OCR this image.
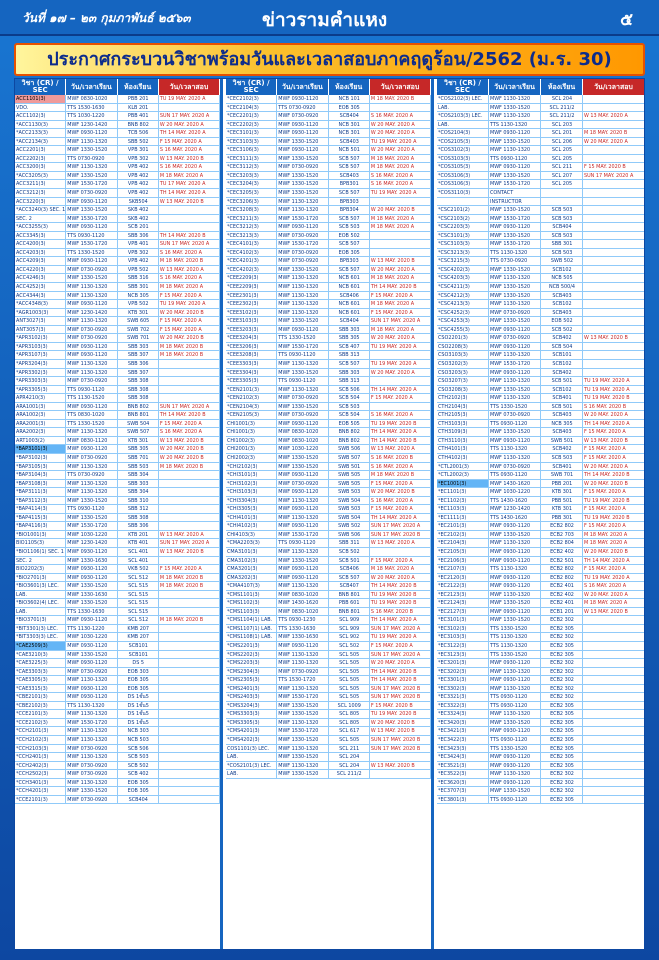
วันที่ ๑๗ – ๒๓ กุมภาพันธ์ ๒๕๖๓	ข่าวรามคำแหง	๕
ประกาศกระบวนวิชาพร้อมวันและเวลาสอบภาคฤดูร้อน/2562 (ม.ร. 30)
วิชา (CR) / SEC	วัน/เวลาเรียน	ห้องเรียน	วัน/เวลาสอบ
ACC1101(3)	MWF 0830-1020	PBB 201	TU 19 MAY. 2020 A
VDO.	TTS 1530-1630	KLB 201
ACC1102(3)	TTS 1030-1220	PBB 401	SUN 17 MAY. 2020 A
*ACC1130(3)	MWF 1230-1420	BNB 802	W 20 MAY. 2020 A
*ACC2133(3)	MWF 0930-1120	TCB 506	TH 14 MAY. 2020 A
*ACC2134(3)	MWF 1130-1320	SBB 502	F 15 MAY. 2020 A
ACC2201(3)	MWF 1330-1520	VPB 301	S 16 MAY. 2020 A
ACC2202(3)	TTS 0730-0920	VPB 302	W 13 MAY. 2020 B
ACC3200(3)	MWF 1130-1320	VPB 402	S 16 MAY. 2020 A
*ACC3205(3)	MWF 1330-1520	VPB 402	M 18 MAY. 2020 A
ACC3211(3)	MWF 1530-1720	VPB 402	TU 17 MAY. 2020 A
ACC3212(3)	MWF 0730-0920	VPB 402	TH 14 MAY. 2020 A
ACC3220(3)	MWF 0930-1120	SKB504	W 13 MAY. 2020 B
*ACC3240(3) SEC. 1 MWF 1330-1520	SKB 402
SEC. 2	MWF 1530-1720	SKB 402
*ACC3255(3)	MWF 0930-1120	SCB 201
ACC3345(3)	TTS 0930-1120	SBB 306	TH 14 MAY. 2020 B
ACC4200(3)	MWF 1530-1720	VPB 401	SUN 17 MAY. 2020 A
ACC4203(3)	TTS 1330-1520	VPB 302	S 16 MAY. 2020 A
ACC4209(3)	MWF 0930-1120	VPB 402	M 18 MAY. 2020 B
ACC4220(3)	MWF 0730-0920	VPB 502	W 13 MAY. 2020 A
ACC4246(3)	MWF 1330-1520	SBB 316	S 16 MAY. 2020 A
ACC4252(3)	MWF 1130-1320	SBB 301	M 18 MAY. 2020 A
ACC4344(3)	MWF 1130-1320	NCB 305	F 15 MAY. 2020 A
*ACC4348(3)	MWF 0930-1120	VPB 502	TU 19 MAY. 2020 A
*AGR1003(3)	MWF 1230-1420	KTB 301	W 20 MAY. 2020 B
ANT3027(3)	MWF 1130-1320	SWB 605	F 15 MAY. 2020 A
ANT3057(3)	MWF 0730-0920	SWB 702	F 15 MAY. 2020 A
*APR3102(3)	MWF 0730-0920	SWB 701	W 20 MAY. 2020 B
*APR3103(3)	MWF 0930-1120	SBB 303	M 18 MAY. 2020 B
*APR3107(3)	MWF 0930-1120	SBB 307	M 18 MAY. 2020 B
*APR3204(3)	MWF 1130-1320	SBB 306
*APR3302(3)	MWF 1130-1320	SBB 307
*APR3303(3)	MWF 0730-0920	SBB 308
*APR3305(3)	TTS 0930-1120	SBB 308
APR4210(3)	TTS 1130-1520	SBB 308
ARA1001(3)	MWF 0930-1120	BNB 802	SUN 17 MAY. 2020 A
ARA1002(3)	TTS 0830-1020	BNB 801	TH 14 MAY. 2020 B
ARA2001(3)	TTS 1330-1520	SWB 504	F 15 MAY. 2020 A
ARA2002(3)	MWF 1130-1320	SWB 507	S 16 MAY. 2020 A
ART1003(2)	MWF 0830-1120	KTB 301	W 13 MAY. 2020 B
*BAP3101(3)	MWF 0930-1120	SBB 305	W 20 MAY. 2020 B
*BAP3102(3)	MWF 0730-0920	SBB 701	W 20 MAY. 2020 B
*BAP3105(3)	MWF 1130-1320	SBB 503	M 18 MAY. 2020 B
*BAP3104(3)	TTS 0730-0920	SBB 304
*BAP3108(3)	MWF 1130-1320	SBB 303
*BAP3111(3)	MWF 1130-1320	SBB 304
*BAP3112(3)	MWF 1330-1520	SBB 310
*BAP4114(3)	TTS 0930-1120	SBB 312
*BAP4115(3)	MWF 1330-1520	SBB 308
*BAP4116(3)	MWF 1530-1720	SBB 306
*BIO1001(3)	MWF 1030-1220	KTB 201	W 13 MAY. 2020 A
BIO1105(3)	MWF 1230-1420	KTB 401	SUN 17 MAY. 2020 A
*BIO1106(1) SEC. 1 MWF 0930-1120	SCL 401	W 13 MAY. 2020 B
SEC. 2	MWF 1330-1630	SCL 401
BIO2202(3)	MWF 0930-1120	VKB 502	F 15 MAY. 2020 A
*BIO2701(3)	MWF 0930-1120	SCL 512	M 18 MAY. 2020 B
*BIO3601(3) LEC.	MWF 1330-1520	SCL 515	M 18 MAY. 2020 B
LAB.	MWF 1330-1630	SCL 515
*BIO3602(4) LEC.	MWF 1330-1520	SCL 515
LAB.	TTS 1330-1630	SCL 515
*BIO3701(3)	MWF 0930-1120	SCL 512	M 18 MAY. 2020 B
*BIT3301(3) LEC.	TTS 1130-1220	KMB 207
*BIT3303(3) LEC.	MWF 1030-1220	KMB 207
*CAE2509(3)	MWF 0930-1120	SCB101
*CAE3210(3)	MWF 1330-1520	SCB101
*CAE3225(3)	MWF 0930-1120	DS 5
*CAE3303(3)	MWF 0730-0920	EOB 303
*CAE3305(3)	MWF 1130-1320	EOB 305
*CAE3315(3)	MWF 0930-1120	EOB 305
*CBE2101(3)	MWF 0930-1120	DS 1ชั้น5
*CBE2102(3)	TTS 1130-1320	DS 1ชั้น5
*CCE2101(3)	MWF 1130-1320	DS 1ชั้น5
*CCE2102(3)	MWF 1530-1720	DS 1ชั้น5
*CCH2101(3)	MWF 1130-1320	NCB 303
*CCH2102(3)	MWF 1130-1320	NCB 503
*CCH2103(3)	MWF 0730-0920	SCB 506
*CCH2401(3)	MWF 1130-1320	SCB 503
*CCH2402(3)	MWF 0730-0920	SCB 502
*CCH2502(3)	MWF 0730-0920	SCB 402
*CCH3401(3)	MWF 1130-1320	EOB 305
*CCH4201(3)	MWF 1330-1520	EOB 305
*CCE2101(3)	MWF 0730-0920	SCB404
วิชา (CR) / SEC	วัน/เวลาเรียน	ห้องเรียน	วัน/เวลาสอบ
*CEC2102(3)	MWF 0930-1120	NCB 101	M 18 MAY. 2020 B
*CEC2104(3)	TTS 0730-0920	EOB 305
*CEC2201(3)	MWF 0730-0920	SCB404	S 16 MAY. 2020 A
*CEC2202(3)	MWF 0930-1120	NCB 301	W 20 MAY. 2020 A
*CEC3101(3)	MWF 0930-1120	NCB 301	W 20 MAY. 2020 A
*CEC3103(3)	MWF 1330-1520	SCB403	TU 19 MAY. 2020 A
*CEC3106(3)	MWF 0930-1120	NCB 501	W 20 MAY. 2020 A
*CEC3111(3)	MWF 1330-1520	SCB 507	M 18 MAY. 2020 A
*CEC3112(3)	MWF 0730-0920	SCB 507	M 18 MAY. 2020 A
*CEC3203(3)	MWF 1330-1520	SCB403	S 16 MAY. 2020 A
*CEC3204(3)	MWF 1330-1520	BPB301	S 16 MAY. 2020 A
*CEC3205(3)	MWF 1330-1520	SCB 507	TU 19 MAY. 2020 A
*CEC3206(3)	MWF 1130-1320	BPB303
*CEC3208(3)	MWF 1130-1320	BPB304	W 20 MAY. 2020 B
*CEC3211(3)	MWF 1530-1720	SCB 507	M 18 MAY. 2020 A
*CEC3212(3)	MWF 0930-1120	SCB 503	M 18 MAY. 2020 A
*CEC3213(3)	MWF 0730-0920	EOB 502
*CEC4101(3)	MWF 1530-1720	SCB 507
*CEC4102(3)	MWF 0730-0920	EOB 305
*CEC4201(3)	MWF 0730-0920	BPB303	W 13 MAY. 2020 B
*CEC4202(3)	MWF 1330-1520	SCB 507	W 20 MAY. 2020 A
*CEE2209(3)	MWF 1130-1320	NCB 601	M 18 MAY. 2020 A
*CEE2209(3)	MWF 1130-1320	NCB 601	TH 14 MAY. 2020 B
*CEE2301(3)	MWF 1130-1320	SCB406	F 15 MAY. 2020 A
*CEE2302(3)	MWF 1130-1320	NCB 601	M 18 MAY. 2020 A
*CEE3102(3)	MWF 1130-1320	NCB 601	F 15 MAY. 2020 A
*CEE3103(3)	MWF 1330-1520	SCB404	SUN 17 MAY. 2020 A
*CEE3203(3)	MWF 0930-1120	SBB 303	M 18 MAY. 2020 A
*CEE3204(3)	TTS 1330-1520	SBB 305	W 20 MAY. 2020 A
*CEE3206(3)	MWF 1530-1720	SCB 407	TU 19 MAY. 2020 A
*CEE3208(3)	TTS 0930-1120	SBB 313
*CEE3303(3)	MWF 1130-1320	SCB 507	TU 19 MAY. 2020 A
*CEE3304(3)	MWF 1330-1520	SBB 303	W 20 MAY. 2020 A
*CEE3305(3)	TTS 0930-1120	SBB 313
*CEN2101(3)	MWF 1130-1320	SCB 506	TH 14 MAY. 2020 A
*CEN2102(3)	MWF 0730-0920	SCB 504	F 15 MAY. 2020 A
*CEN2104(3)	MWF 1330-1520	SCB 503
*CEN2105(3)	MWF 0730-0920	SCB 504	S 16 MAY. 2020 A
CHI1001(3)	MWF 0930-1120	EOB 505	TU 19 MAY. 2020 B
CHI1001(3)	MWF 0830-1020	BNB 802	TH 14 MAY. 2020 A
CHI1002(3)	MWF 0830-1020	BNB 802	TH 14 MAY. 2020 B
CHI2001(3)	MWF 1030-1220	SWB 506	W 13 MAY. 2020 A
CHI2002(3)	MWF 1330-1520	SWB 507	S 16 MAY. 2020 B
*CHI2102(3)	MWF 1330-1520	SWB 501	S 16 MAY. 2020 A
*CHI3101(3)	MWF 0930-1120	SWB 505	M 18 MAY. 2020 B
*CHI3102(3)	MWF 0730-0920	SWB 505	F 15 MAY. 2020 A
*CHI3103(3)	MWF 0930-1120	SWB 503	W 20 MAY. 2020 B
*CHI3304(3)	MWF 1130-1320	SWB 504	S 16 MAY. 2020 A
*CHI3305(3)	MWF 0930-1120	SWB 503	F 15 MAY. 2020 A
*CHI4101(3)	MWF 1130-1320	SWB 504	TH 14 MAY. 2020 A
*CHI4102(3)	MWF 0930-1120	SWB 502	SUN 17 MAY. 2020 A
CHI4103(3)	MWF 1530-1720	SWB 506	SUN 17 MAY. 2020 B
*CMA2203(3)	TTS 0930-1120	SBB 311	W 13 MAY. 2020 A
CMA3101(3)	MWF 1130-1320	SCB 502
CMA3102(3)	MWF 1330-1520	SCB 501	F 15 MAY. 2020 A
CMA3201(3)	MWF 0930-1120	SCB406	M 18 MAY. 2020 A
CMA3202(3)	MWF 0930-1120	SCB 507	W 20 MAY. 2020 A
*CMA4107(3)	MWF 1130-1320	SCB407	TH 14 MAY. 2020 B
*CMS1101(3)	MWF 0830-1020	BNB 801	TU 19 MAY. 2020 B
*CMS1102(3)	MWF 1430-1620	PBB 601	TU 19 MAY. 2020 B
*CMS1103(3)	MWF 0830-1020	BNB 801	S 16 MAY. 2020 B
*CMS1104(1) LAB.	TTS 0930-1230	SCL 909	TH 14 MAY. 2020 A
*CMS1107(1) LAB.	TTS 1330-1630	SCL 909	SUN 17 MAY. 2020 A
*CMS1108(1) LAB.	MWF 1330-1630	SCL 902	TU 19 MAY. 2020 A
*CMS2201(3)	MWF 0930-1120	SCL 502	F 15 MAY. 2020 A
*CMS2202(3)	MWF 1130-1320	SCL 505	SUN 17 MAY. 2020 A
*CMS2203(3)	MWF 1130-1320	SCL 505	W 20 MAY. 2020 A
*CMS2304(3)	MWF 0730-0920	SCL 505	TH 14 MAY. 2020 B
*CMS2305(3)	TTS 1530-1720	SCL 505	TH 14 MAY. 2020 B
*CMS2401(3)	MWF 1130-1320	SCL 505	SUN 17 MAY. 2020 B
*CMS2403(3)	MWF 1530-1720	SCL 505	SUN 17 MAY. 2020 B
*CMS3204(3)	MWF 1330-1520	SCL 1009	F 15 MAY. 2020 B
*CMS3303(3)	MWF 1330-1520	SCL 805	TU 19 MAY. 2020 B
*CMS3305(3)	MWF 1130-1320	SCL 805	W 20 MAY. 2020 B
*CMS4201(3)	MWF 1530-1720	SCL 617	W 13 MAY. 2020 B
*CMS4202(3)	MWF 1330-1520	SCL 505	SUN 17 MAY. 2020 B
COS1101(3) LEC.	MWF 1130-1320	SCL 211	SUN 17 MAY. 2020 B
LAB.	MWF 1330-1520	SCL 204
*COS2101(3) LEC.	MWF 1130-1320	SCL 204	W 13 MAY. 2020 B
LAB.	MWF 1330-1520	SCL 211/2
วิชา (CR) / SEC	วัน/เวลาเรียน	ห้องเรียน	วัน/เวลาสอบ
*COS2102(3) LEC.	MWF 1130-1320	SCL 204
LAB.	MWF 1330-1520	SCL 211/2
*COS2103(3) LEC.	MWF 1130-1320	SCL 211/2	W 13 MAY. 2020 A
LAB.	TTS 1130-1320	SCL 203
*COS2104(3)	MWF 0930-1120	SCL 201	M 18 MAY. 2020 B
*COS2105(3)	MWF 1330-1520	SCL 206	W 20 MAY. 2020 A
*COS3102(3)	MWF 1130-1320	SCL 205
*COS3103(3)	TTS 0930-1120	SCL 205
*COS3105(3)	MWF 0930-1120	SCL 211	F 15 MAY. 2020 B
*COS3106(3)	MWF 1330-1520	SCL 207	SUN 17 MAY. 2020 A
*COS3106(3)	MWF 1530-1720	SCL 205
*COS3110(3)	CONTACT
INSTRUCTOR
*CSC2101(2)	MWF 1330-1520	SCB 503
*CSC2103(2)	MWF 1530-1720	SCB 503
*CSC2203(3)	MWF 0930-1120	SCB404
*CSC3101(3)	MWF 1330-1520	SCB 503
*CSC3103(3)	MWF 1530-1720	SBB 301
*CSC3213(3)	TTS 1130-1320	SCB 503
*CSC3215(3)	TTS 0730-0920	SWB 502
*CSC4202(3)	MWF 1330-1520	SCB102
*CSC4203(3)	MWF 1130-1320	NCB 505
*CSC4211(3)	MWF 1330-1520	NCB 500/4
*CSC4212(3)	MWF 1330-1520	SCB403
*CSC4213(3)	MWF 1130-1320	SCB102
*CSC4252(3)	MWF 0730-0920	SCB403
*CSC4253(3)	MWF 1330-1520	EOB 502
*CSC4255(3)	MWF 0930-1120	SCB 502
CSO2201(3)	MWF 0730-0920	SCB402	W 13 MAY. 2020 B
CSO2208(3)	MWF 0930-1120	SCB 504
CSO3103(3)	MWF 1130-1320	SCB101
CSO3202(3)	MWF 1530-1720	SCB102
CSO3203(3)	MWF 0930-1120	SCB402
CSO3207(3)	MWF 1130-1320	SCB 501	TU 19 MAY. 2020 A
CSO3208(3)	MWF 1330-1520	SCB102	TU 19 MAY. 2020 A
CTH2102(3)	MWF 1130-1320	SCB401	TU 19 MAY. 2020 B
CTH2104(3)	TTS 1330-1520	SCB 501	S 16 MAY. 2020 B
CTH2105(3)	MWF 0730-0920	SCB403	W 20 MAY. 2020 A
CTH3103(3)	TTS 0930-1120	NCB 305	TH 14 MAY. 2020 A
CTH3109(3)	MWF 1330-1520	SCB403	F 15 MAY. 2020 A
CTH3110(3)	MWF 0930-1120	SWB 501	W 13 MAY. 2020 B
CTH4101(3)	TTS 1130-1320	SCB402	F 15 MAY. 2020 A
CTH4102(3)	MWF 1130-1320	SCB 503	F 15 MAY. 2020 A
*CTL2001(3)	MWF 0730-0920	SCB401	W 20 MAY. 2020 A
*CTL2002(3)	TTS 0930-1120	SWB 701	TH 14 MAY. 2020 B
*EC1001(3)	MWF 1430-1620	PBB 201	W 20 MAY. 2020 B
*EC1101(3)	MWF 1030-1220	KTB 301	F 15 MAY. 2020 A
*EC1102(3)	TTS 1430-1620	PBB 501	TU 19 MAY. 2020 B
*EC1103(3)	MWF 1230-1420	KTB 301	F 15 MAY. 2020 A
*EC1111(3)	TTS 1430-1620	PBB 301	TU 19 MAY. 2020 B
*EC2101(3)	MWF 0930-1120	ECB2 802	F 15 MAY. 2020 A
*EC2102(3)	MWF 1330-1520	ECB2 703	M 18 MAY. 2020 A
*EC2104(3)	MWF 1130-1320	ECB2 804	M 18 MAY. 2020 A
*EC2105(3)	MWF 0930-1120	ECB2 402	W 20 MAY. 2020 B
*EC2106(3)	MWF 0930-1120	ECB2 501	TH 14 MAY. 2020 A
*EC2107(3)	TTS 1130-1320	ECB2 802	F 15 MAY. 2020 A
*EC2120(3)	MWF 0930-1120	ECB2 802	TU 19 MAY. 2020 A
*EC2122(3)	MWF 0930-1120	ECB2 401	S 16 MAY. 2020 A
*EC2123(3)	MWF 1130-1320	ECB2 402	W 20 MAY. 2020 A
*EC2124(3)	MWF 1330-1520	ECB2 401	M 18 MAY. 2020 A
*EC2127(3)	MWF 0930-1120	ECB1 201	W 13 MAY. 2020 B
*EC3101(3)	MWF 1330-1520	ECB2 302
*EC3102(3)	TTS 1330-1520	ECB2 305
*EC3103(3)	TTS 1130-1320	ECB2 302
*EC3122(3)	TTS 1130-1320	ECB2 305
*EC3123(3)	TTS 1330-1520	ECB2 305
*EC3201(3)	MWF 0930-1120	ECB2 302
*EC3202(3)	MWF 1130-1320	ECB2 302
*EC3301(3)	MWF 0930-1120	ECB2 302
*EC3302(3)	MWF 1130-1320	ECB2 302
*EC3321(3)	TTS 0930-1120	ECB2 302
*EC3322(3)	TTS 0930-1120	ECB2 305
*EC3324(3)	MWF 1130-1320	ECB2 305
*EC3420(3)	MWF 1330-1520	ECB2 305
*EC3421(3)	MWF 0930-1120	ECB2 305
*EC3422(3)	TTS 0930-1120	ECB2 305
*EC3423(3)	TTS 1330-1520	ECB2 305
*EC3424(3)	MWF 0930-1120	ECB2 305
*EC3521(3)	MWF 0930-1120	ECB2 305
*EC3522(3)	MWF 1130-1320	ECB2 302
*EC3620(3)	MWF 0930-1120	ECB2 302
*EC3707(3)	MWF 1330-1520	ECB2 302
*EC3801(3)	TTS 0930-1120	ECB2 305
